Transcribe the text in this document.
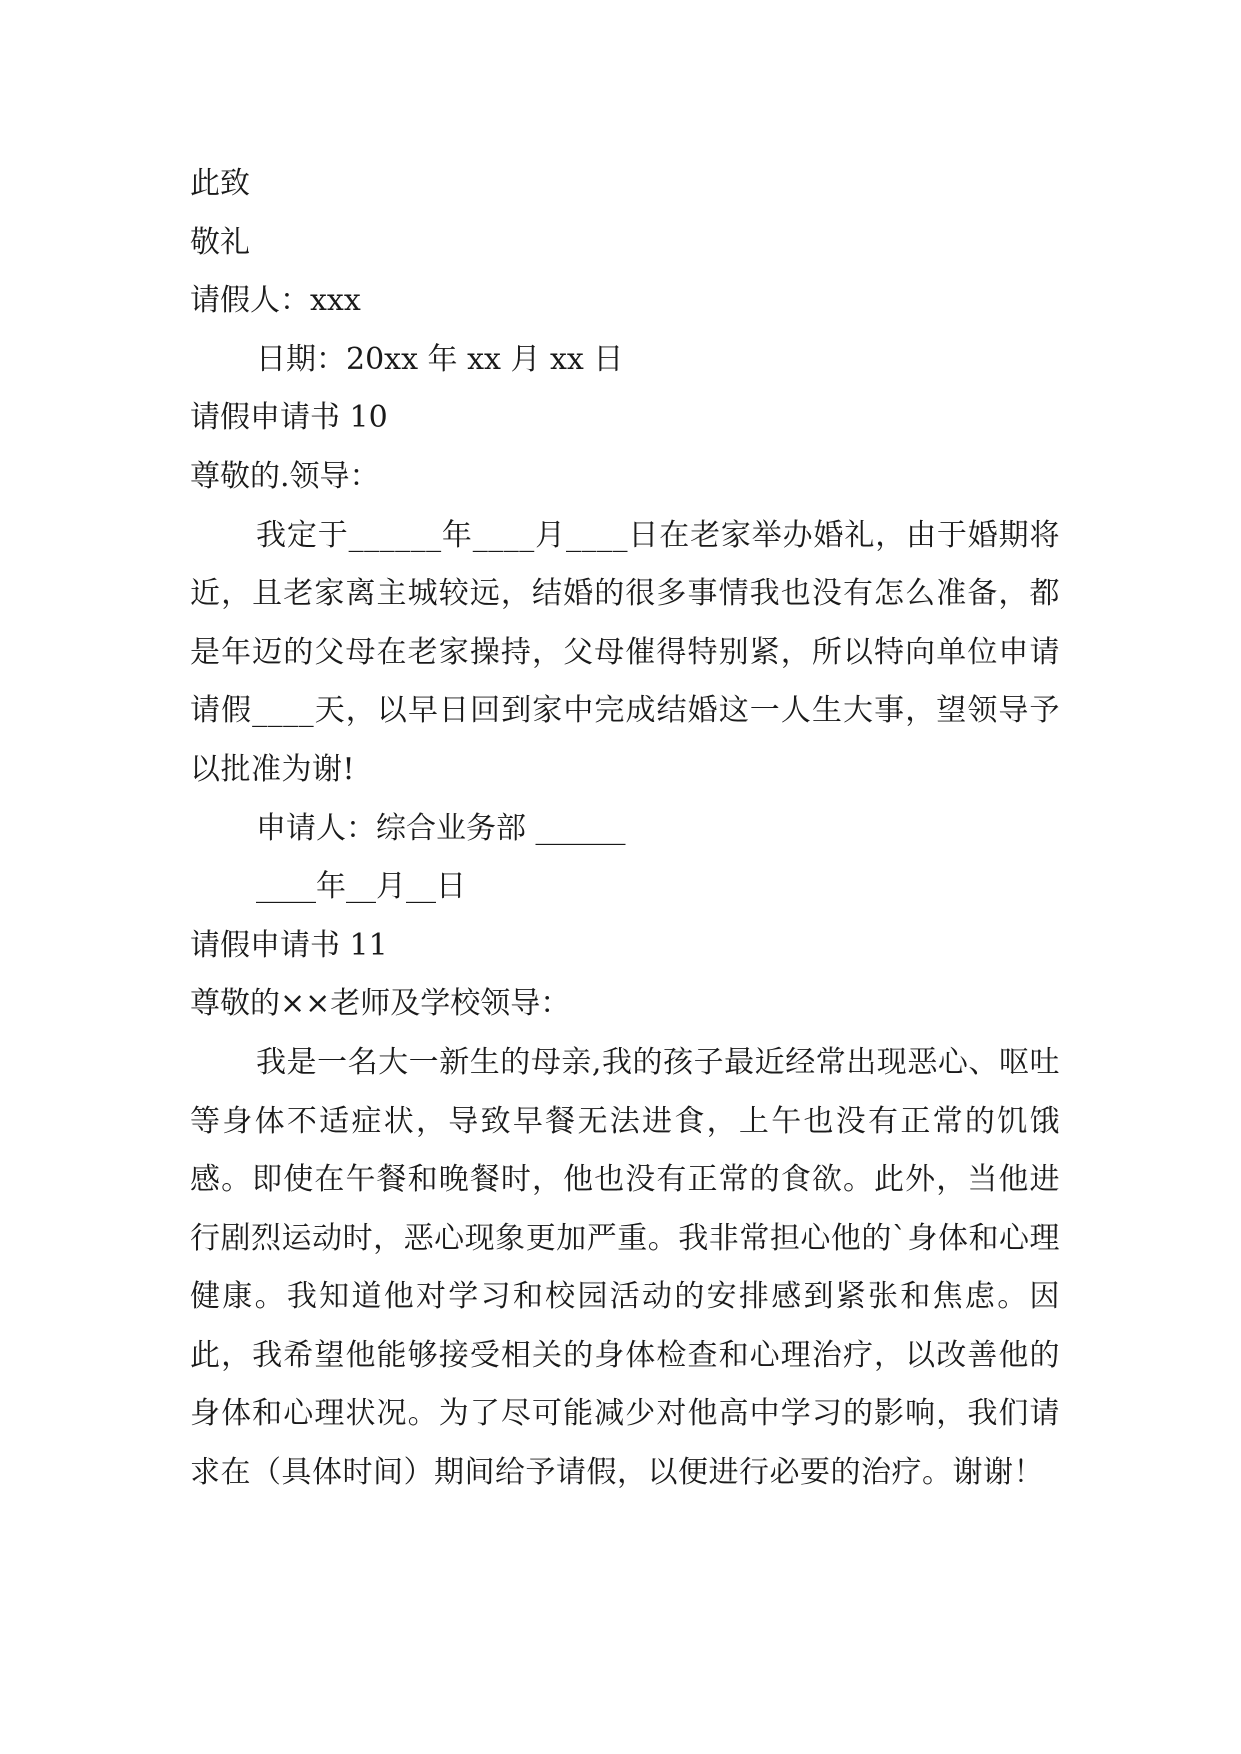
此致

敬礼

请假人：xxx

日期：20xx 年 xx 月 xx 日

请假申请书 10

尊敬的.领导：

我定于______年____月____日在老家举办婚礼，由于婚期将近，且老家离主城较远，结婚的很多事情我也没有怎么准备，都是年迈的父母在老家操持，父母催得特别紧，所以特向单位申请请假____天，以早日回到家中完成结婚这一人生大事，望领导予以批准为谢!

申请人：综合业务部 ______

____年__月__日

请假申请书 11

尊敬的××老师及学校领导：

我是一名大一新生的母亲,我的孩子最近经常出现恶心、呕吐等身体不适症状，导致早餐无法进食，上午也没有正常的饥饿感。即使在午餐和晚餐时，他也没有正常的食欲。此外，当他进行剧烈运动时，恶心现象更加严重。我非常担心他的`身体和心理健康。我知道他对学习和校园活动的安排感到紧张和焦虑。因此，我希望他能够接受相关的身体检查和心理治疗，以改善他的身体和心理状况。为了尽可能减少对他高中学习的影响，我们请求在（具体时间）期间给予请假，以便进行必要的治疗。谢谢！
